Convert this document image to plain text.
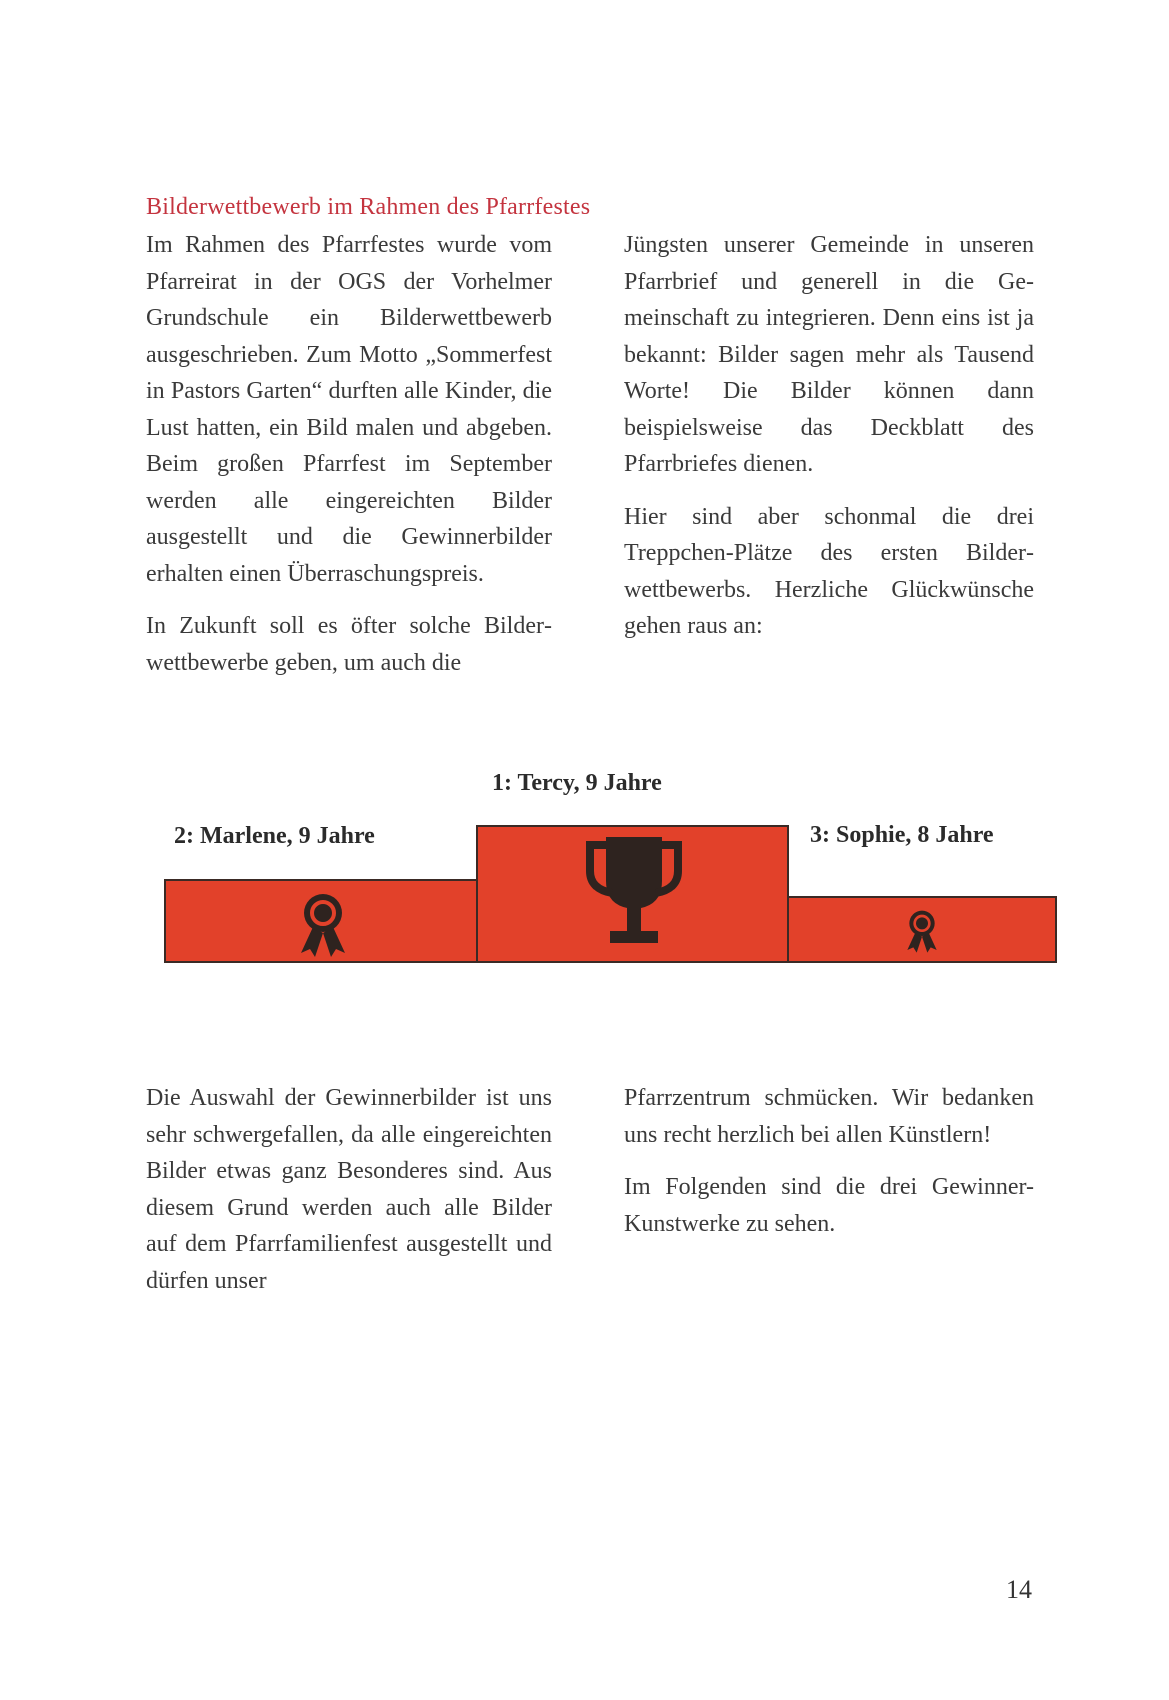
Bilderwettbewerb im Rahmen des Pfarrfestes

Im Rahmen des Pfarrfestes wurde vom Pfarreirat in der OGS der Vorhelmer Grundschule ein Bilderwettbewerb ausgeschrieben. Zum Motto „Sommerfest in Pastors Garten“ durften alle Kinder, die Lust hatten, ein Bild malen und abgeben. Beim großen Pfarrfest im September werden alle eingereichten Bilder ausgestellt und die Gewinnerbilder erhalten einen Überraschungspreis.

In Zukunft soll es öfter solche Bilderwettbewerbe geben, um auch die

Jüngsten unserer Gemeinde in unseren Pfarrbrief und generell in die Gemeinschaft zu integrieren. Denn eins ist ja bekannt: Bilder sagen mehr als Tausend Worte! Die Bilder können dann beispielsweise das Deckblatt des Pfarrbriefes dienen.

Hier sind aber schonmal die drei Treppchen-Plätze des ersten Bilderwettbewerbs. Herzliche Glückwünsche gehen raus an:

1: Tercy, 9 Jahre
2: Marlene, 9 Jahre	3: Sophie, 8 Jahre

Die Auswahl der Gewinnerbilder ist uns sehr schwergefallen, da alle eingereichten Bilder etwas ganz Besonderes sind. Aus diesem Grund werden auch alle Bilder auf dem Pfarrfamilienfest ausgestellt und dürfen unser

Pfarrzentrum schmücken. Wir bedanken uns recht herzlich bei allen Künstlern!

Im Folgenden sind die drei Gewinner-Kunstwerke zu sehen.

14
